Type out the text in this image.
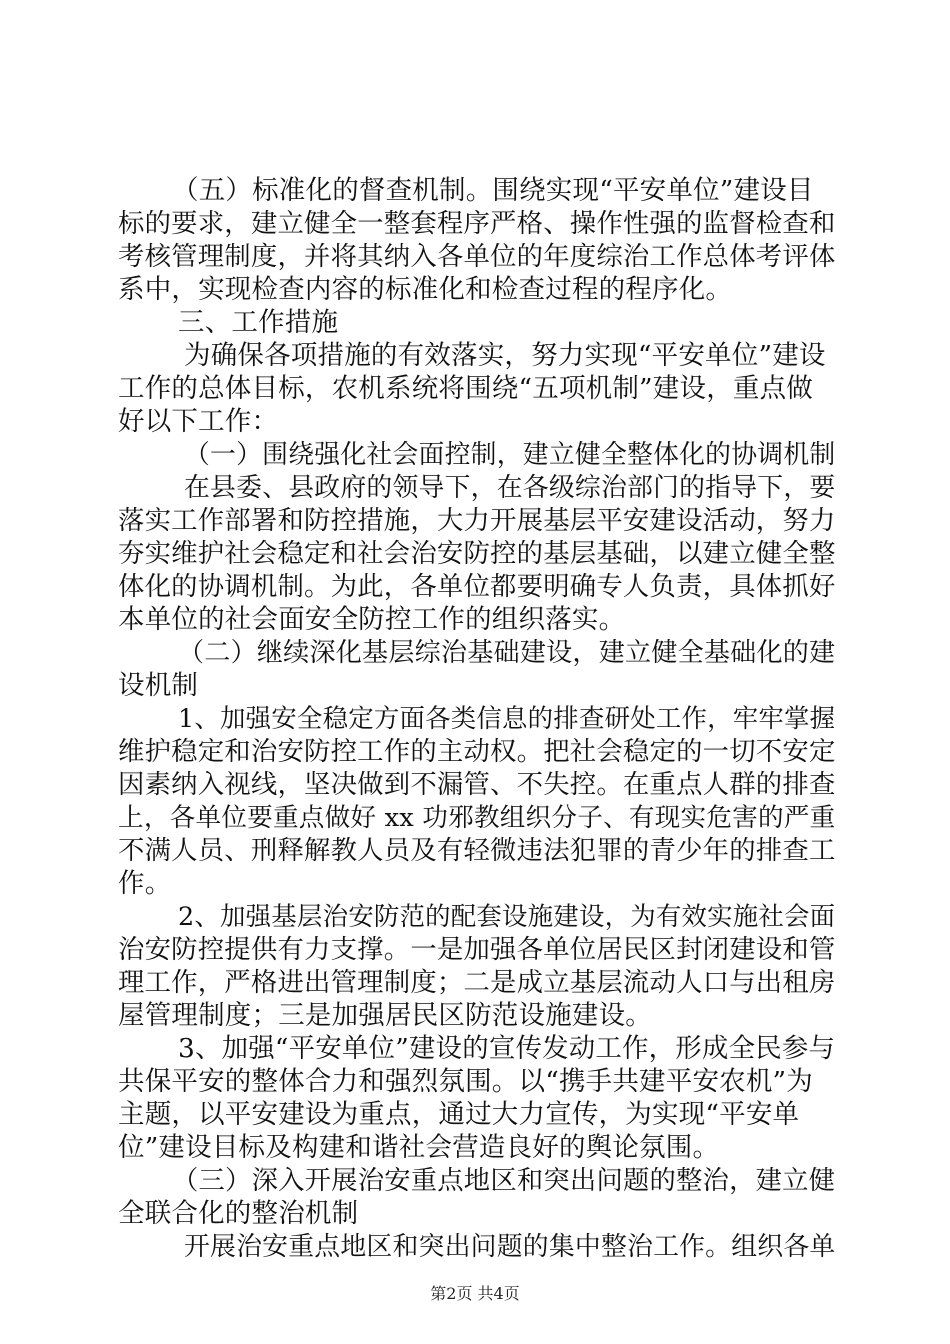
（五）标准化的督查机制。围绕实现“平安单位”建设目
标的要求，建立健全一整套程序严格、操作性强的监督检查和
考核管理制度，并将其纳入各单位的年度综治工作总体考评体
系中，实现检查内容的标准化和检查过程的程序化。
三、工作措施
为确保各项措施的有效落实，努力实现“平安单位”建设
工作的总体目标，农机系统将围绕“五项机制”建设，重点做
好以下工作：
（一）围绕强化社会面控制，建立健全整体化的协调机制
在县委、县政府的领导下，在各级综治部门的指导下，要
落实工作部署和防控措施，大力开展基层平安建设活动，努力
夯实维护社会稳定和社会治安防控的基层基础，以建立健全整
体化的协调机制。为此，各单位都要明确专人负责，具体抓好
本单位的社会面安全防控工作的组织落实。
（二）继续深化基层综治基础建设，建立健全基础化的建
设机制
1、加强安全稳定方面各类信息的排查研处工作，牢牢掌握
维护稳定和治安防控工作的主动权。把社会稳定的一切不安定
因素纳入视线，坚决做到不漏管、不失控。在重点人群的排查
上，各单位要重点做好 xx 功邪教组织分子、有现实危害的严重
不满人员、刑释解教人员及有轻微违法犯罪的青少年的排查工
作。
2、加强基层治安防范的配套设施建设，为有效实施社会面
治安防控提供有力支撑。一是加强各单位居民区封闭建设和管
理工作，严格进出管理制度；二是成立基层流动人口与出租房
屋管理制度；三是加强居民区防范设施建设。
3、加强“平安单位”建设的宣传发动工作，形成全民参与
共保平安的整体合力和强烈氛围。以“携手共建平安农机”为
主题，以平安建设为重点，通过大力宣传，为实现“平安单
位”建设目标及构建和谐社会营造良好的舆论氛围。
（三）深入开展治安重点地区和突出问题的整治，建立健
全联合化的整治机制
开展治安重点地区和突出问题的集中整治工作。组织各单
第2页 共4页
